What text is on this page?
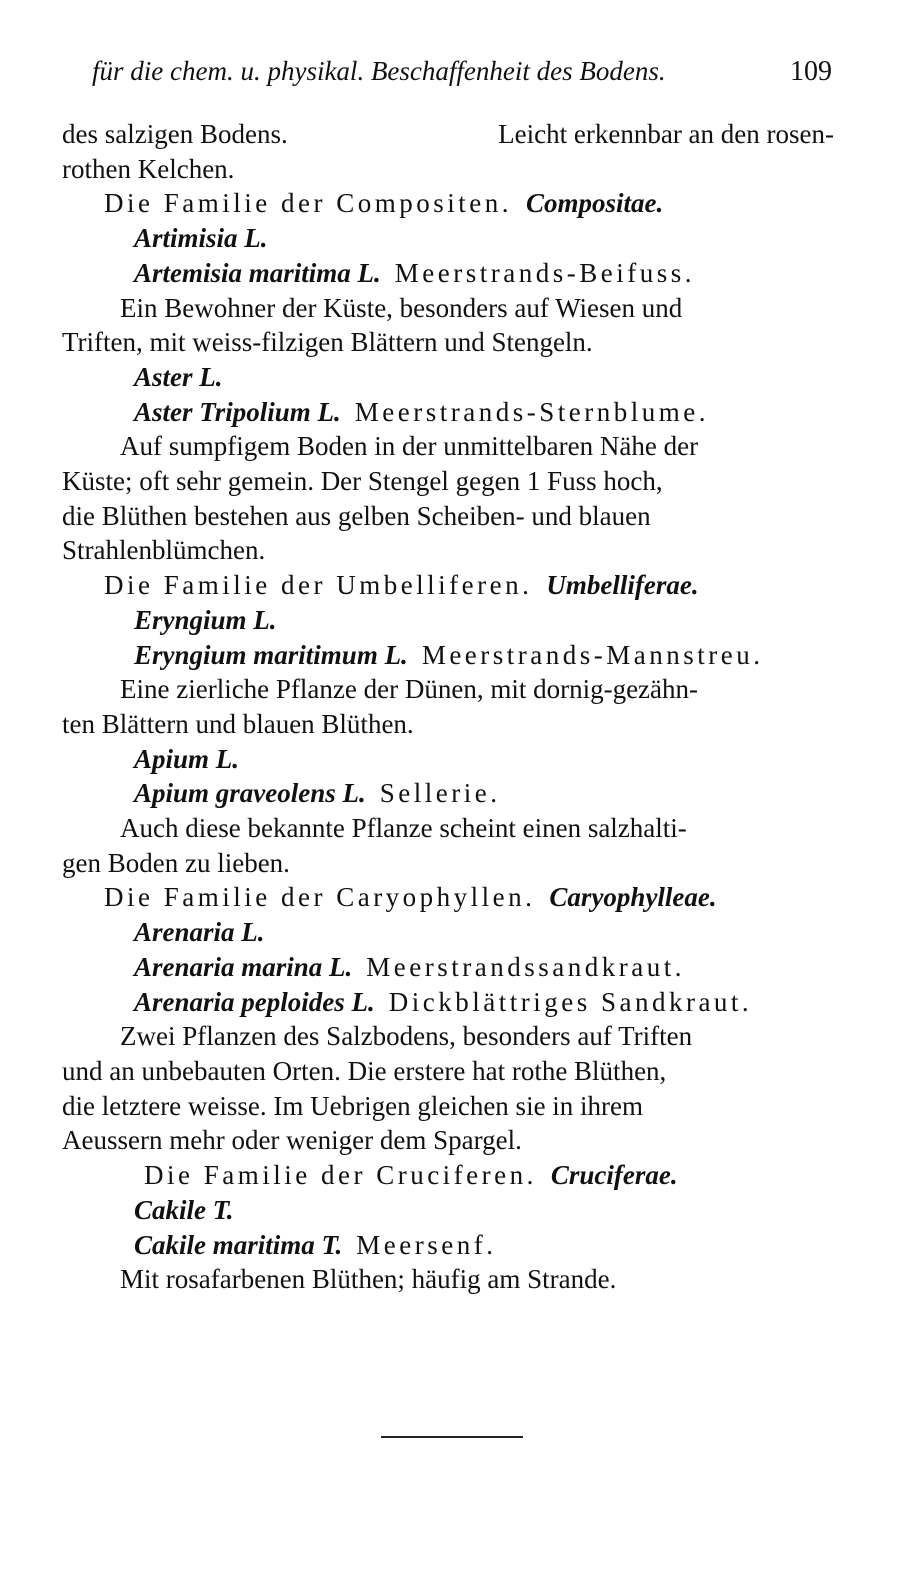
für die chem. u. physikal. Beschaffenheit des Bodens.	109
des salzigen Bodens.	Leicht erkennbar an den rosen-
rothen Kelchen.
Die Familie der Compositen. Compositae.
Artimisia L.
Artemisia maritima L. Meerstrands-Beifuss.
Ein Bewohner der Küste, besonders auf Wiesen und
Triften, mit weiss-filzigen Blättern und Stengeln.
Aster L.
Aster Tripolium L. Meerstrands-Sternblume.
Auf sumpfigem Boden in der unmittelbaren Nähe der
Küste; oft sehr gemein. Der Stengel gegen 1 Fuss hoch,
die Blüthen bestehen aus gelben Scheiben- und blauen
Strahlenblümchen.
Die Familie der Umbelliferen. Umbelliferae.
Eryngium L.
Eryngium maritimum L. Meerstrands-Mannstreu.
Eine zierliche Pflanze der Dünen, mit dornig-gezähn-
ten Blättern und blauen Blüthen.
Apium L.
Apium graveolens L. Sellerie.
Auch diese bekannte Pflanze scheint einen salzhalti-
gen Boden zu lieben.
Die Familie der Caryophyllen. Caryophylleae.
Arenaria L.
Arenaria marina L. Meerstrandssandkraut.
Arenaria peploides L. Dickblättriges Sandkraut.
Zwei Pflanzen des Salzbodens, besonders auf Triften
und an unbebauten Orten. Die erstere hat rothe Blüthen,
die letztere weisse. Im Uebrigen gleichen sie in ihrem
Aeussern mehr oder weniger dem Spargel.
Die Familie der Cruciferen. Cruciferae.
Cakile T.
Cakile maritima T. Meersenf.
Mit rosafarbenen Blüthen; häufig am Strande.
